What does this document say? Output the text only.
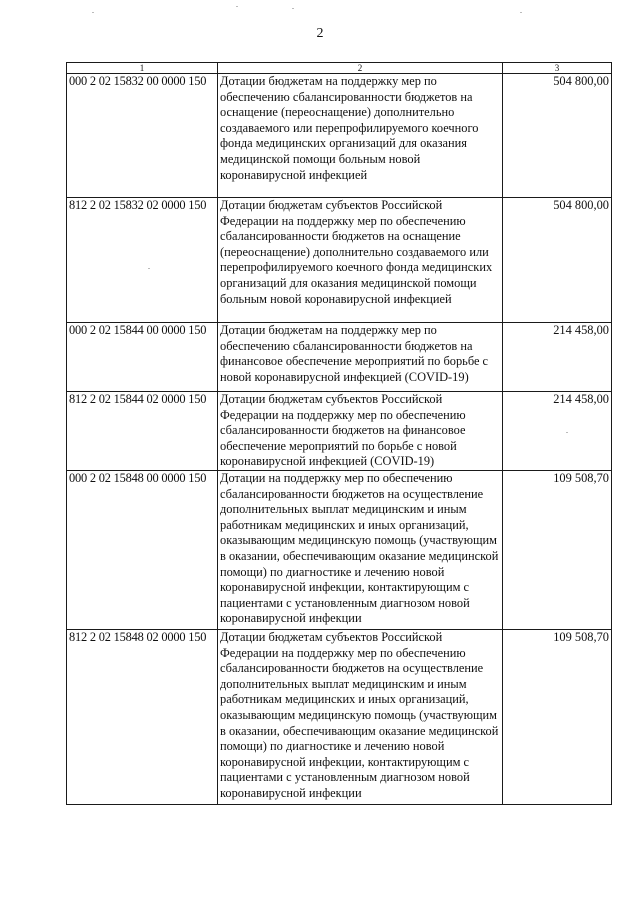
2
1	2	3
000 2 02 15832 00 0000 150	Дотации бюджетам на поддержку мер по обеспечению сбалансированности бюджетов на оснащение (переоснащение) дополнительно создаваемого или перепрофилируемого коечного фонда медицинских организаций для оказания медицинской помощи больным новой коронавирусной инфекцией	504 800,00
812 2 02 15832 02 0000 150	Дотации бюджетам субъектов Российской Федерации на поддержку мер по обеспечению сбалансированности бюджетов на оснащение (переоснащение) дополнительно создаваемого или перепрофилируемого коечного фонда медицинских организаций для оказания медицинской помощи больным новой коронавирусной инфекцией	504 800,00
000 2 02 15844 00 0000 150	Дотации бюджетам на поддержку мер по обеспечению сбалансированности бюджетов на финансовое обеспечение мероприятий по борьбе с новой коронавирусной инфекцией (COVID-19)	214 458,00
812 2 02 15844 02 0000 150	Дотации бюджетам субъектов Российской Федерации на поддержку мер по обеспечению сбалансированности бюджетов на финансовое обеспечение мероприятий по борьбе с новой коронавирусной инфекцией (COVID-19)	214 458,00
000 2 02 15848 00 0000 150	Дотации на поддержку мер по обеспечению сбалансированности бюджетов на осуществление дополнительных выплат медицинским и иным работникам медицинских и иных организаций, оказывающим медицинскую помощь (участвующим в оказании, обеспечивающим оказание медицинской помощи) по диагностике и лечению новой коронавирусной инфекции, контактирующим с пациентами с установленным диагнозом новой коронавирусной инфекции	109 508,70
812 2 02 15848 02 0000 150	Дотации бюджетам субъектов Российской Федерации на поддержку мер по обеспечению сбалансированности бюджетов на осуществление дополнительных выплат медицинским и иным работникам медицинских и иных организаций, оказывающим медицинскую помощь (участвующим в оказании, обеспечивающим оказание медицинской помощи) по диагностике и лечению новой коронавирусной инфекции, контактирующим с пациентами с установленным диагнозом новой коронавирусной инфекции	109 508,70
